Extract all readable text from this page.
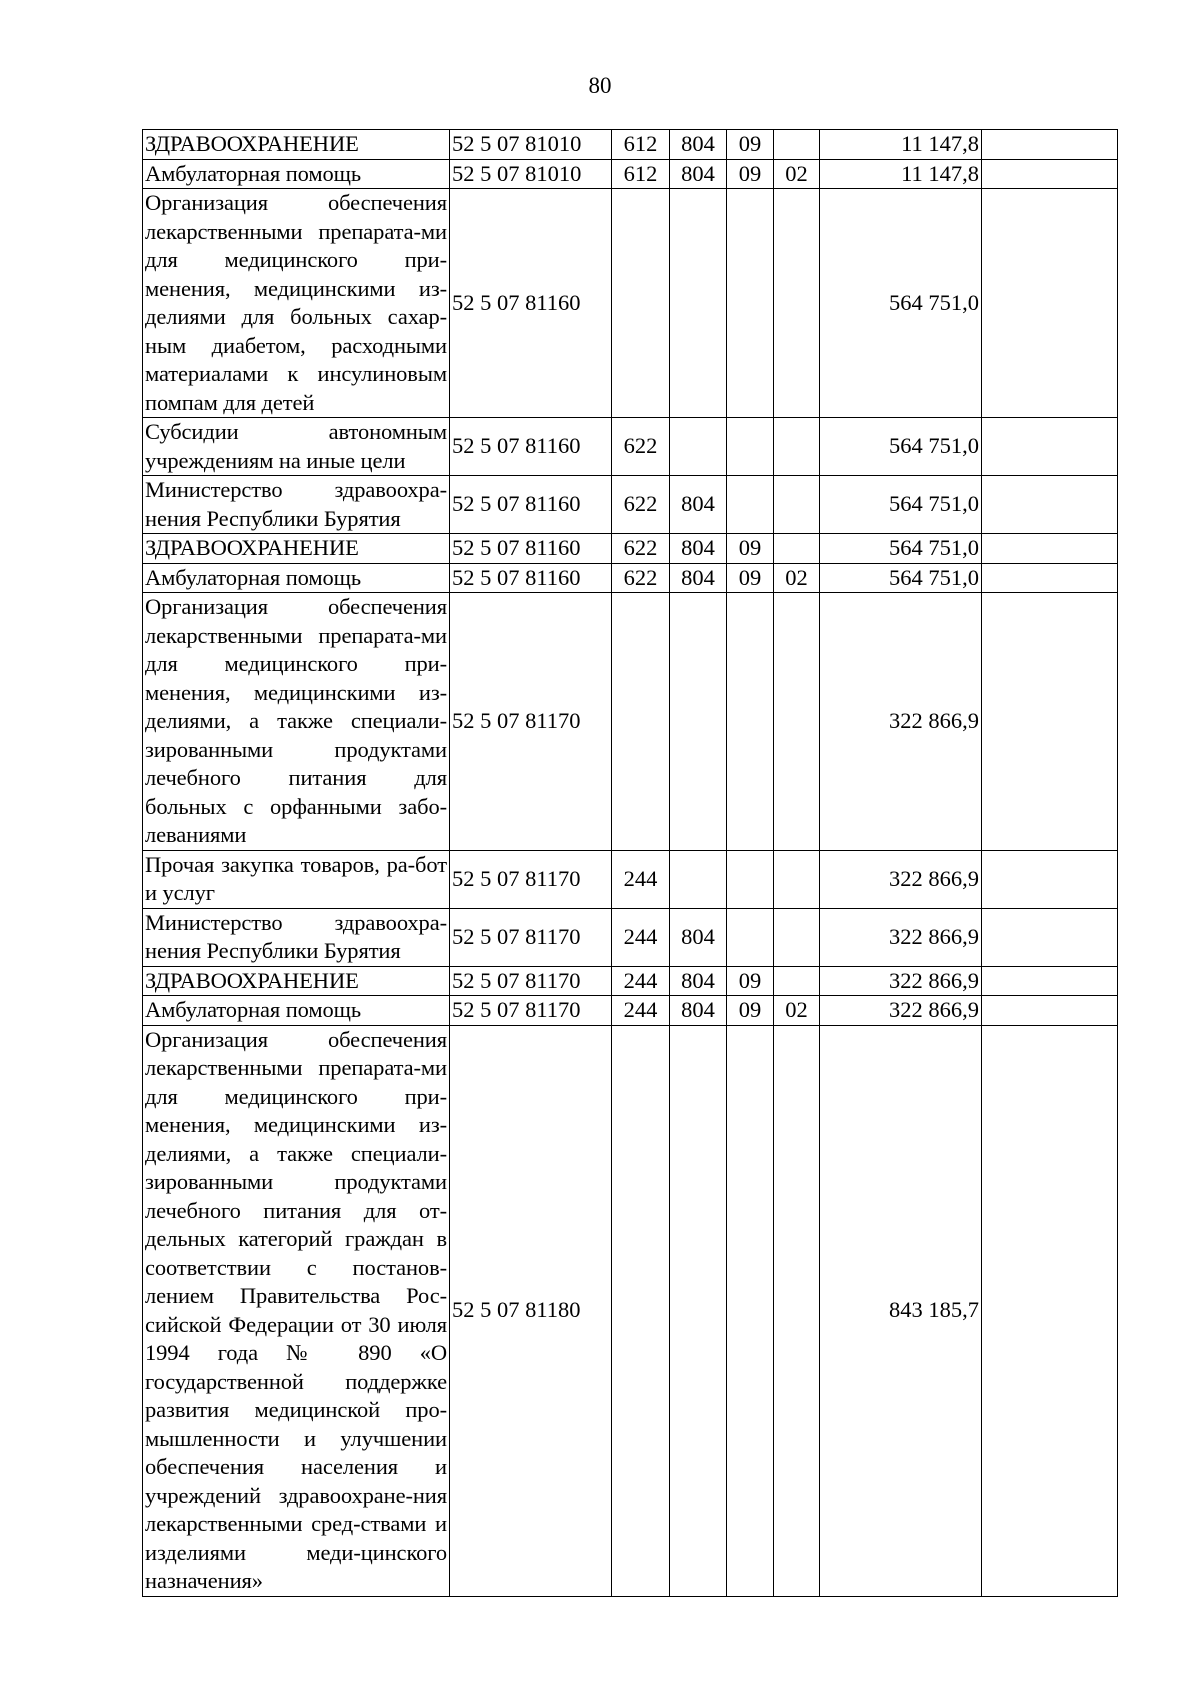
80
ЗДРАВООХРАНЕНИЕ	52 5 07 81010	612	804	09		11 147,8	
Амбулаторная помощь	52 5 07 81010	612	804	09	02	11 147,8	
Организация обеспечения лекарственными препарата-ми для медицинского при-менения, медицинскими из-делиями для больных сахар-ным диабетом, расходными материалами к инсулиновым помпам для детей	52 5 07 81160					564 751,0	
Субсидии автономным учреждениям на иные цели	52 5 07 81160	622				564 751,0	
Министерство здравоохра-нения Республики Бурятия	52 5 07 81160	622	804			564 751,0	
ЗДРАВООХРАНЕНИЕ	52 5 07 81160	622	804	09		564 751,0	
Амбулаторная помощь	52 5 07 81160	622	804	09	02	564 751,0	
Организация обеспечения лекарственными препарата-ми для медицинского при-менения, медицинскими из-делиями, а также специали-зированными продуктами лечебного питания для больных с орфанными забо-леваниями	52 5 07 81170					322 866,9	
Прочая закупка товаров, ра-бот и услуг	52 5 07 81170	244				322 866,9	
Министерство здравоохра-нения Республики Бурятия	52 5 07 81170	244	804			322 866,9	
ЗДРАВООХРАНЕНИЕ	52 5 07 81170	244	804	09		322 866,9	
Амбулаторная помощь	52 5 07 81170	244	804	09	02	322 866,9	
Организация обеспечения лекарственными препарата-ми для медицинского при-менения, медицинскими из-делиями, а также специали-зированными продуктами лечебного питания для от-дельных категорий граждан в соответствии с постанов-лением Правительства Рос-сийской Федерации от 30 июля 1994 года № 890 «О государственной поддержке развития медицинской про-мышленности и улучшении обеспечения населения и учреждений здравоохране-ния лекарственными сред-ствами и изделиями меди-цинского назначения»	52 5 07 81180					843 185,7	
